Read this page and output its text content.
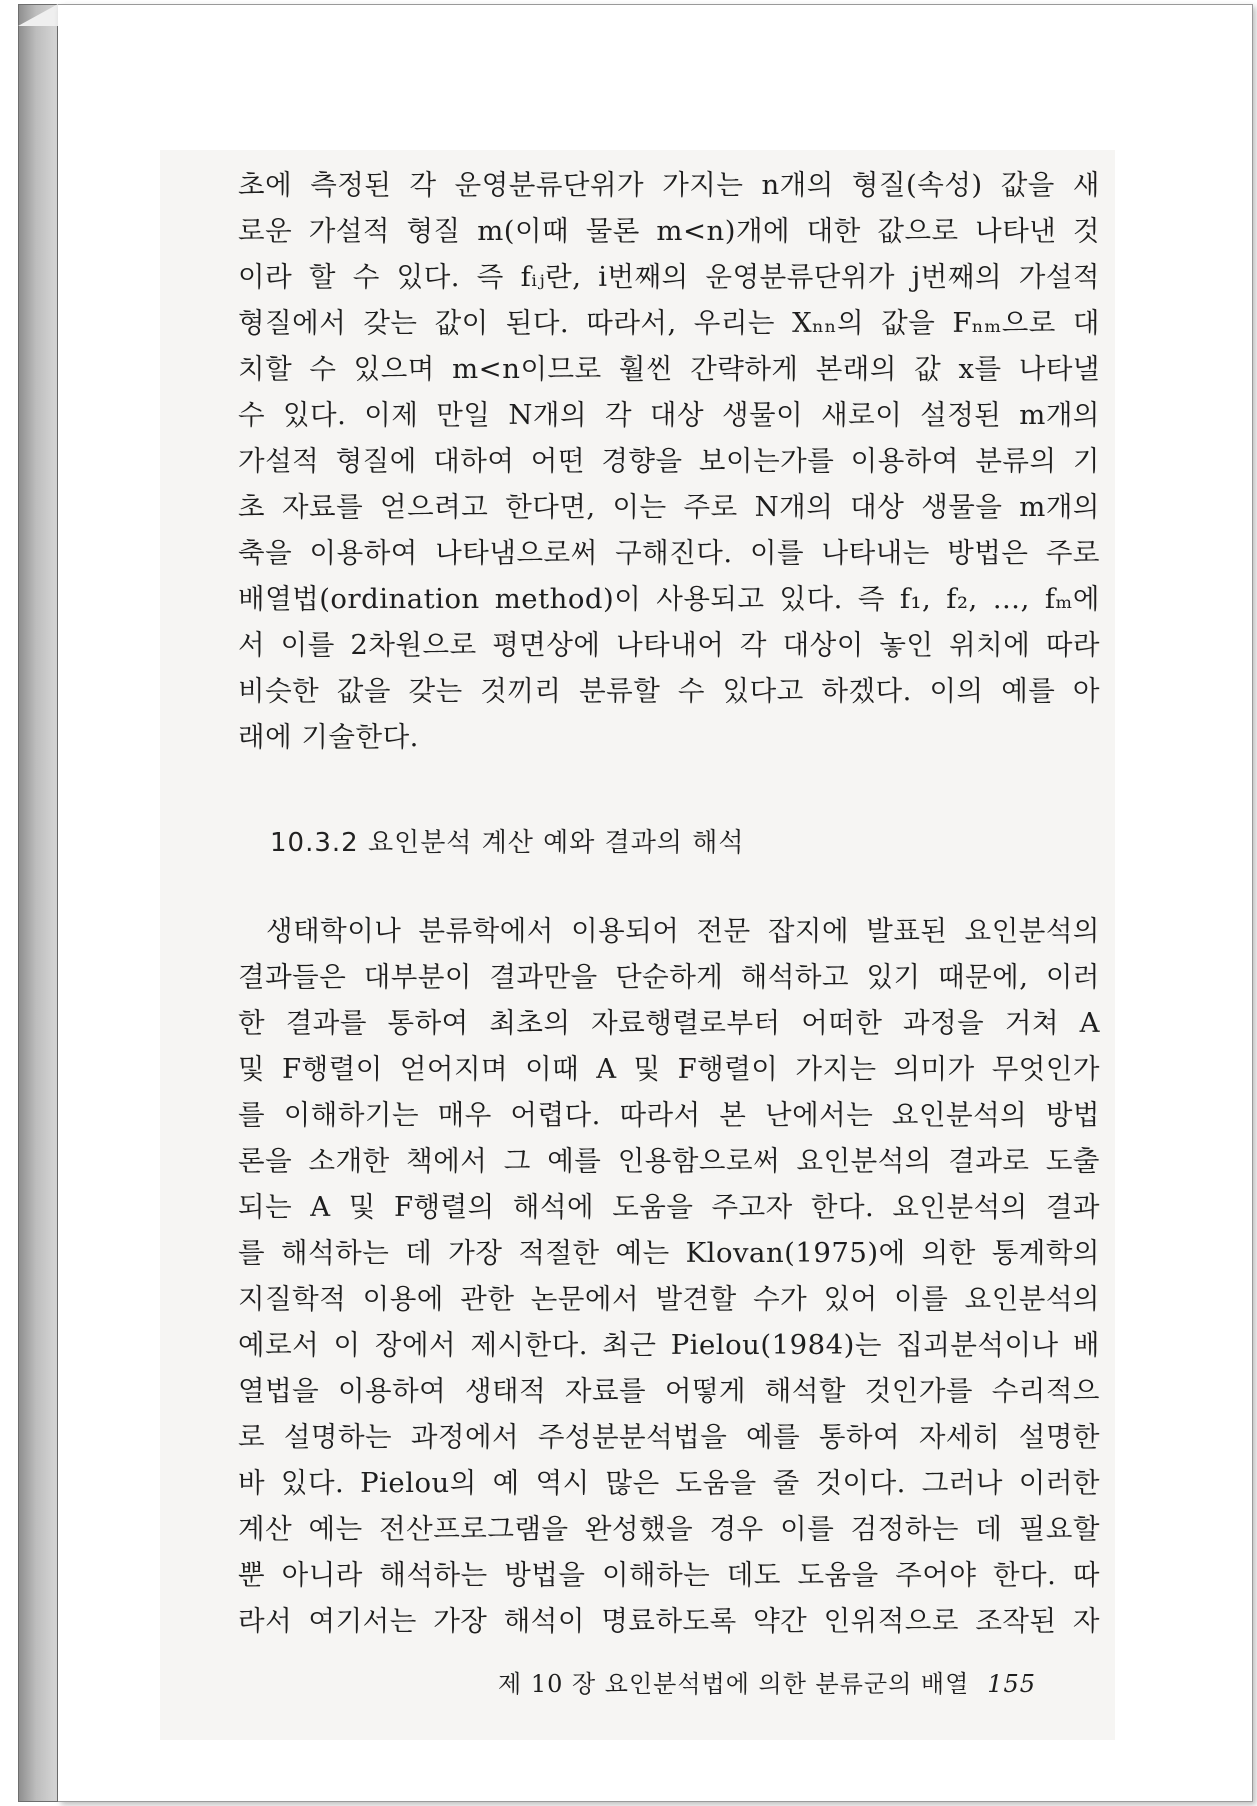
초에 측정된 각 운영분류단위가 가지는 n개의 형질(속성) 값을 새
로운 가설적 형질 m(이때 물론 m<n)개에 대한 값으로 나타낸 것
이라 할 수 있다. 즉 fᵢⱼ란, i번째의 운영분류단위가 j번째의 가설적
형질에서 갖는 값이 된다. 따라서, 우리는 Xₙₙ의 값을 Fₙₘ으로 대
치할 수 있으며 m<n이므로 훨씬 간략하게 본래의 값 x를 나타낼
수 있다. 이제 만일 N개의 각 대상 생물이 새로이 설정된 m개의
가설적 형질에 대하여 어떤 경향을 보이는가를 이용하여 분류의 기
초 자료를 얻으려고 한다면, 이는 주로 N개의 대상 생물을 m개의
축을 이용하여 나타냄으로써 구해진다. 이를 나타내는 방법은 주로
배열법(ordination method)이 사용되고 있다. 즉 f₁, f₂, …, fₘ에
서 이를 2차원으로 평면상에 나타내어 각 대상이 놓인 위치에 따라
비슷한 값을 갖는 것끼리 분류할 수 있다고 하겠다. 이의 예를 아
래에 기술한다.
10.3.2 요인분석 계산 예와 결과의 해석
생태학이나 분류학에서 이용되어 전문 잡지에 발표된 요인분석의
결과들은 대부분이 결과만을 단순하게 해석하고 있기 때문에, 이러
한 결과를 통하여 최초의 자료행렬로부터 어떠한 과정을 거쳐 A
및 F행렬이 얻어지며 이때 A 및 F행렬이 가지는 의미가 무엇인가
를 이해하기는 매우 어렵다. 따라서 본 난에서는 요인분석의 방법
론을 소개한 책에서 그 예를 인용함으로써 요인분석의 결과로 도출
되는 A 및 F행렬의 해석에 도움을 주고자 한다. 요인분석의 결과
를 해석하는 데 가장 적절한 예는 Klovan(1975)에 의한 통계학의
지질학적 이용에 관한 논문에서 발견할 수가 있어 이를 요인분석의
예로서 이 장에서 제시한다. 최근 Pielou(1984)는 집괴분석이나 배
열법을 이용하여 생태적 자료를 어떻게 해석할 것인가를 수리적으
로 설명하는 과정에서 주성분분석법을 예를 통하여 자세히 설명한
바 있다. Pielou의 예 역시 많은 도움을 줄 것이다. 그러나 이러한
계산 예는 전산프로그램을 완성했을 경우 이를 검정하는 데 필요할
뿐 아니라 해석하는 방법을 이해하는 데도 도움을 주어야 한다. 따
라서 여기서는 가장 해석이 명료하도록 약간 인위적으로 조작된 자
제 10 장 요인분석법에 의한 분류군의 배열 155
